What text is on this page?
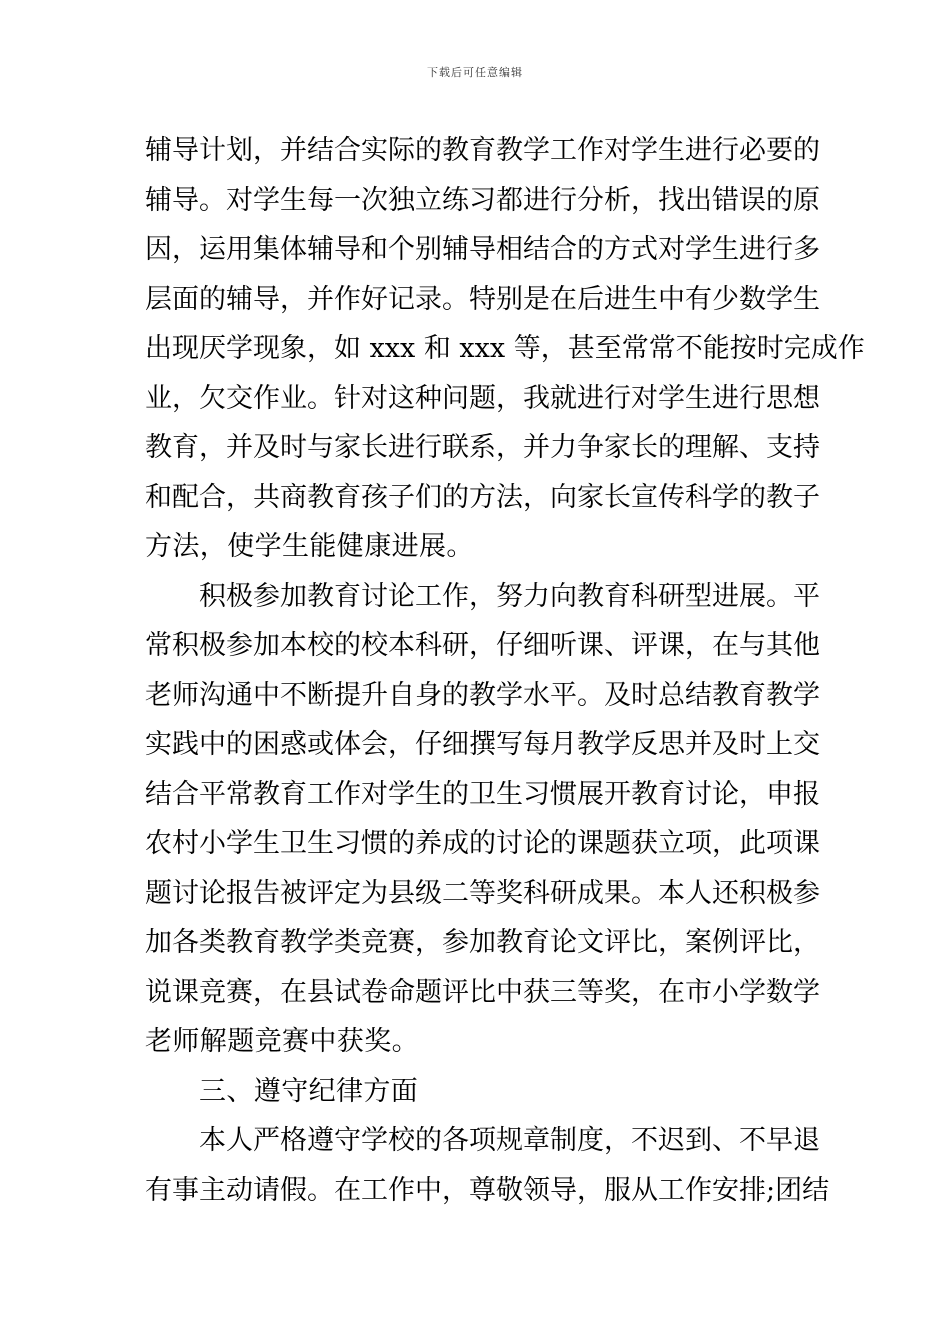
下载后可任意编辑
辅导计划，并结合实际的教育教学工作对学生进行必要的
辅导。对学生每一次独立练习都进行分析，找出错误的原
因，运用集体辅导和个别辅导相结合的方式对学生进行多
层面的辅导，并作好记录。特别是在后进生中有少数学生
出现厌学现象，如 xxx 和 xxx 等，甚至常常不能按时完成作
业，欠交作业。针对这种问题，我就进行对学生进行思想
教育，并及时与家长进行联系，并力争家长的理解、支持
和配合，共商教育孩子们的方法，向家长宣传科学的教子
方法，使学生能健康进展。
积极参加教育讨论工作，努力向教育科研型进展。平
常积极参加本校的校本科研，仔细听课、评课，在与其他
老师沟通中不断提升自身的教学水平。及时总结教育教学
实践中的困惑或体会，仔细撰写每月教学反思并及时上交
结合平常教育工作对学生的卫生习惯展开教育讨论，申报
农村小学生卫生习惯的养成的讨论的课题获立项，此项课
题讨论报告被评定为县级二等奖科研成果。本人还积极参
加各类教育教学类竞赛，参加教育论文评比，案例评比，
说课竞赛，在县试卷命题评比中获三等奖，在市小学数学
老师解题竞赛中获奖。
三、遵守纪律方面
本人严格遵守学校的各项规章制度，不迟到、不早退
有事主动请假。在工作中，尊敬领导，服从工作安排;团结
